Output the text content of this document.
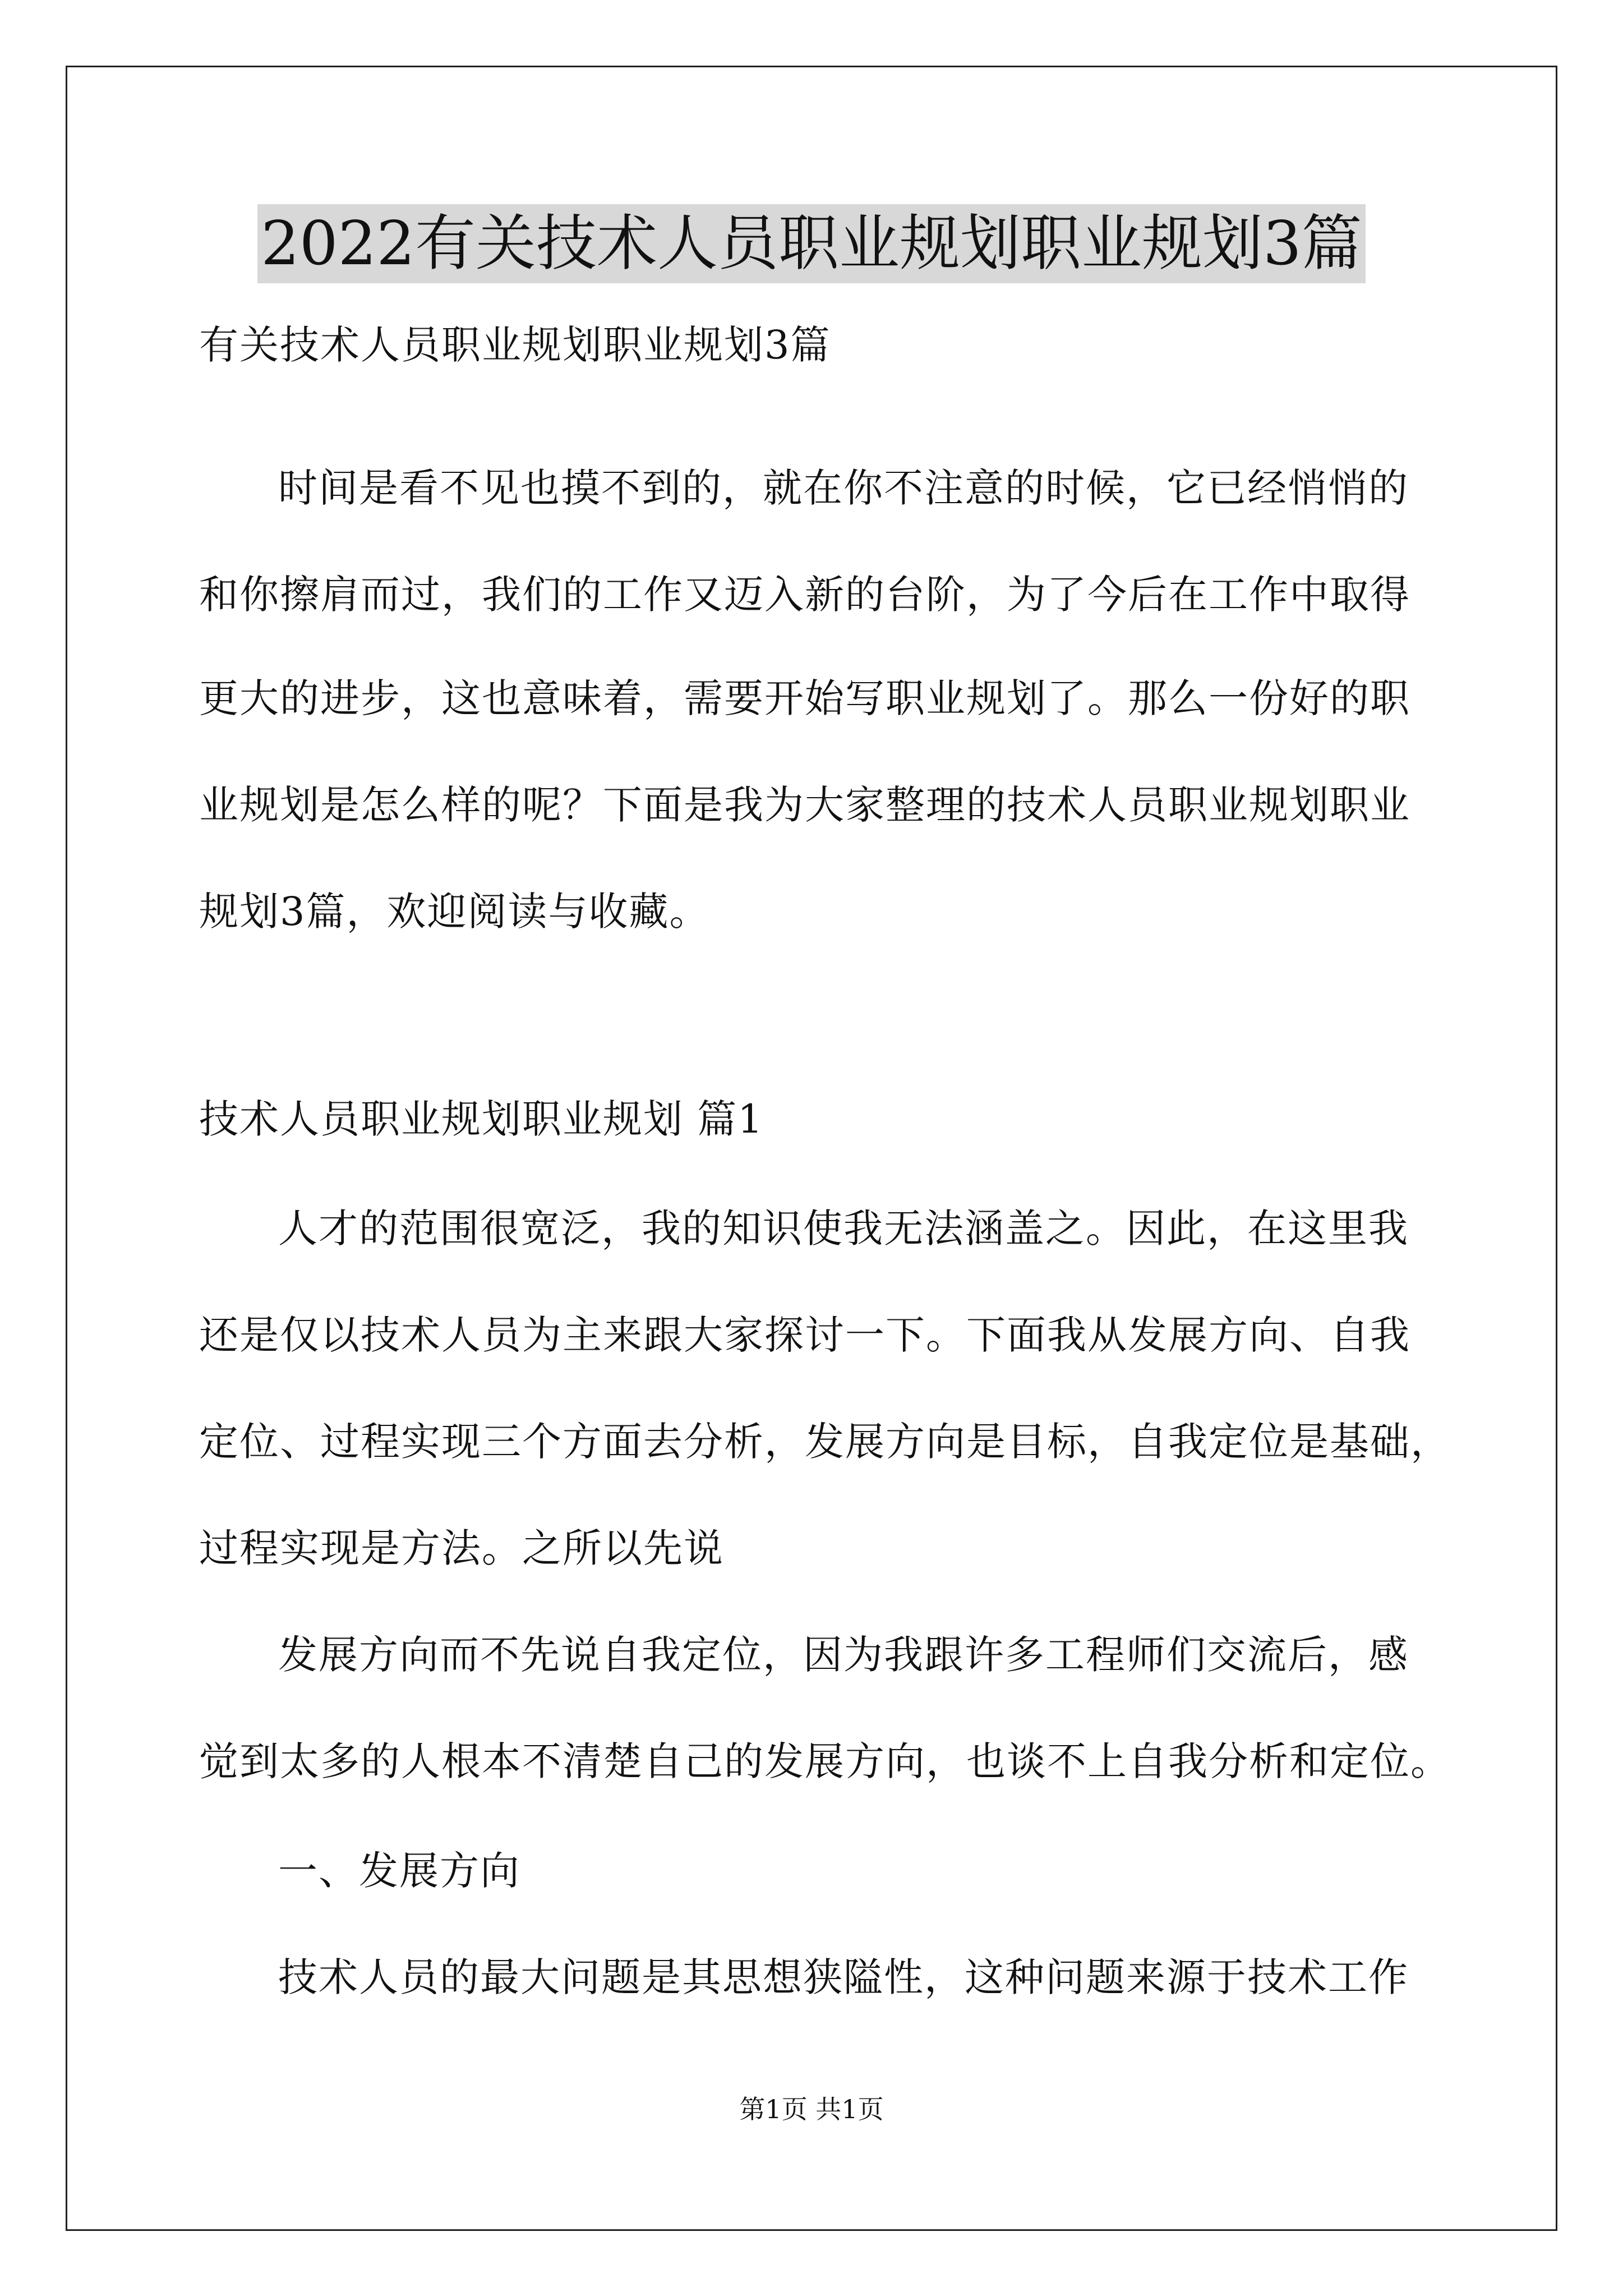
2022有关技术人员职业规划职业规划3篇

有关技术人员职业规划职业规划3篇

时间是看不见也摸不到的，就在你不注意的时候，它已经悄悄的

和你擦肩而过，我们的工作又迈入新的台阶，为了今后在工作中取得

更大的进步，这也意味着，需要开始写职业规划了。那么一份好的职

业规划是怎么样的呢？下面是我为大家整理的技术人员职业规划职业

规划3篇，欢迎阅读与收藏。

技术人员职业规划职业规划 篇1

人才的范围很宽泛，我的知识使我无法涵盖之。因此，在这里我

还是仅以技术人员为主来跟大家探讨一下。下面我从发展方向、自我

定位、过程实现三个方面去分析，发展方向是目标，自我定位是基础，

过程实现是方法。之所以先说

发展方向而不先说自我定位，因为我跟许多工程师们交流后，感

觉到太多的人根本不清楚自己的发展方向，也谈不上自我分析和定位。

一、发展方向

技术人员的最大问题是其思想狭隘性，这种问题来源于技术工作

第1页 共1页
